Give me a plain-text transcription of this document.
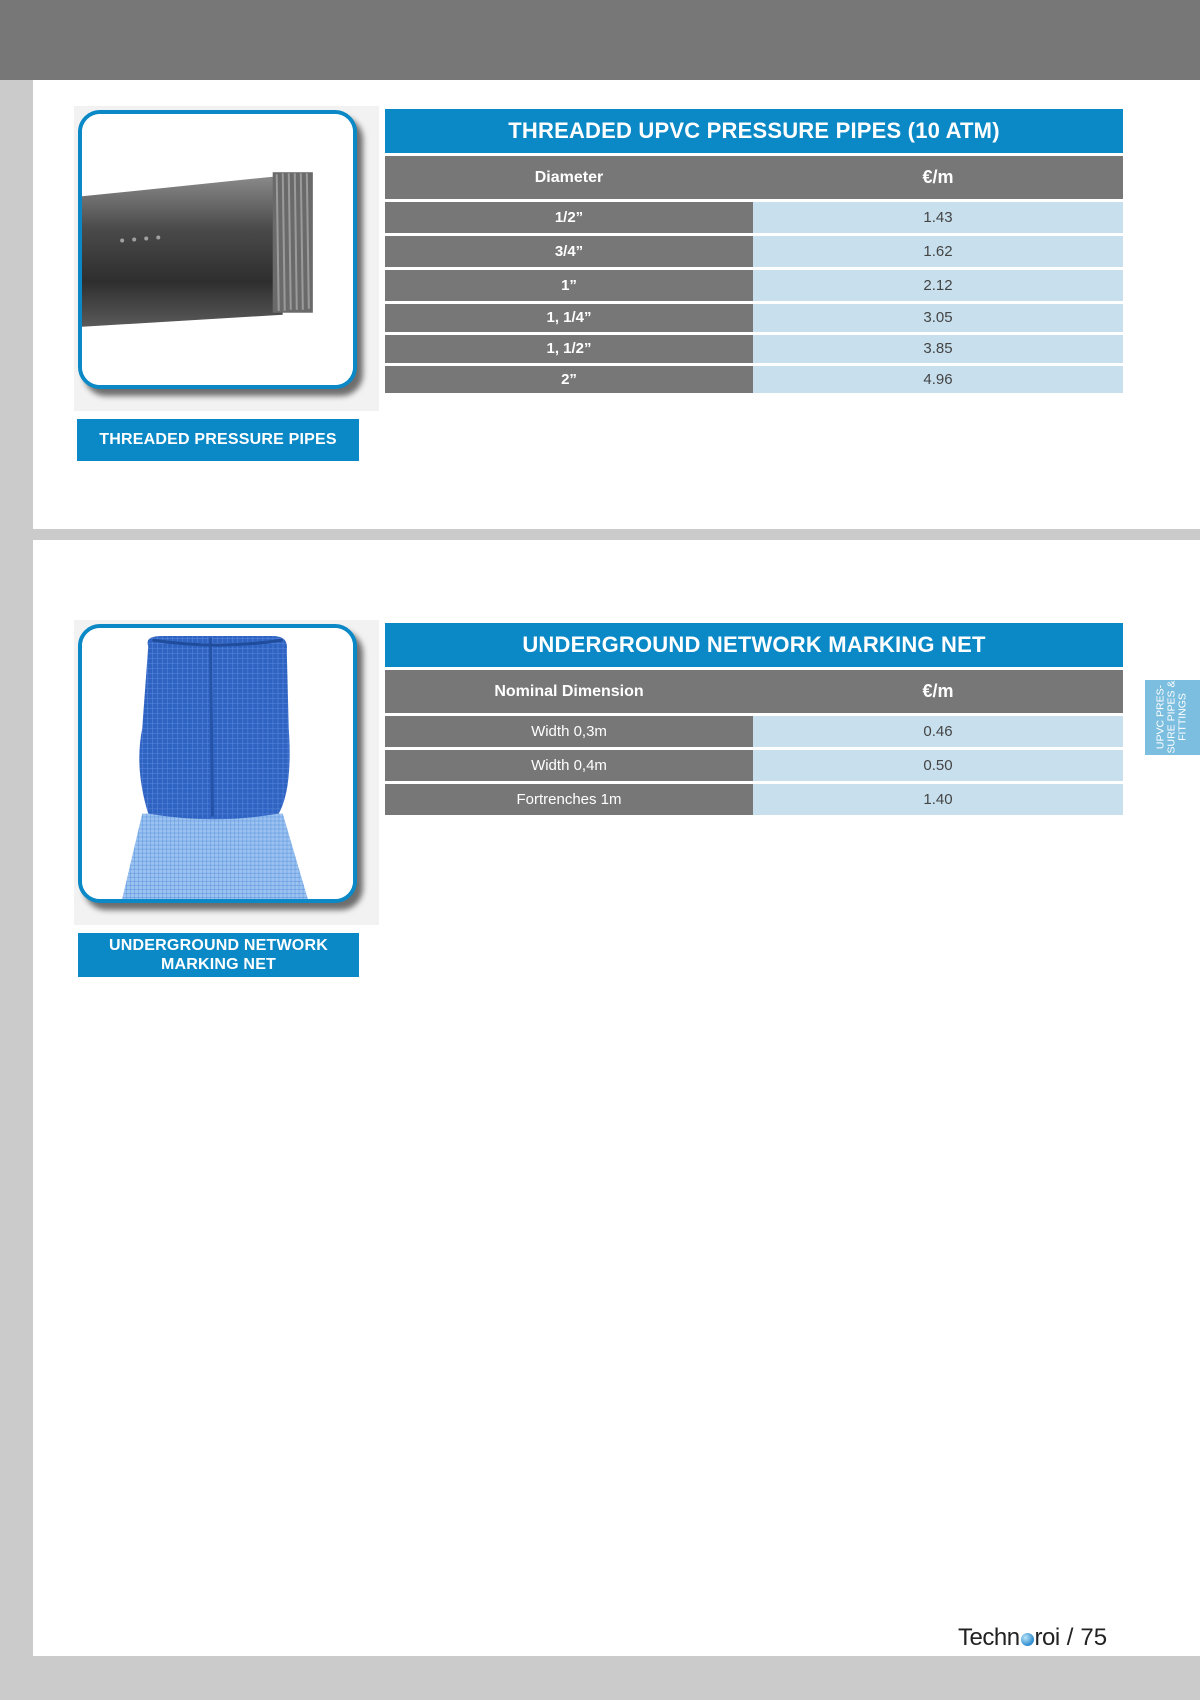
THREADED PRESSURE PIPES
THREADED UPVC PRESSURE PIPES (10 ATM)
Diameter	€/m
1/2”	1.43
3/4”	1.62
1”	2.12
1, 1/4”	3.05
1, 1/2”	3.85
2”	4.96
UNDERGROUND NETWORK
MARKING NET
UNDERGROUND NETWORK MARKING NET
Nominal Dimension	€/m
Width 0,3m	0.46
Width 0,4m	0.50
Fortrenches 1m	1.40
UPVC PRES- SURE PIPES & FITTINGS
Techn roi / 75
